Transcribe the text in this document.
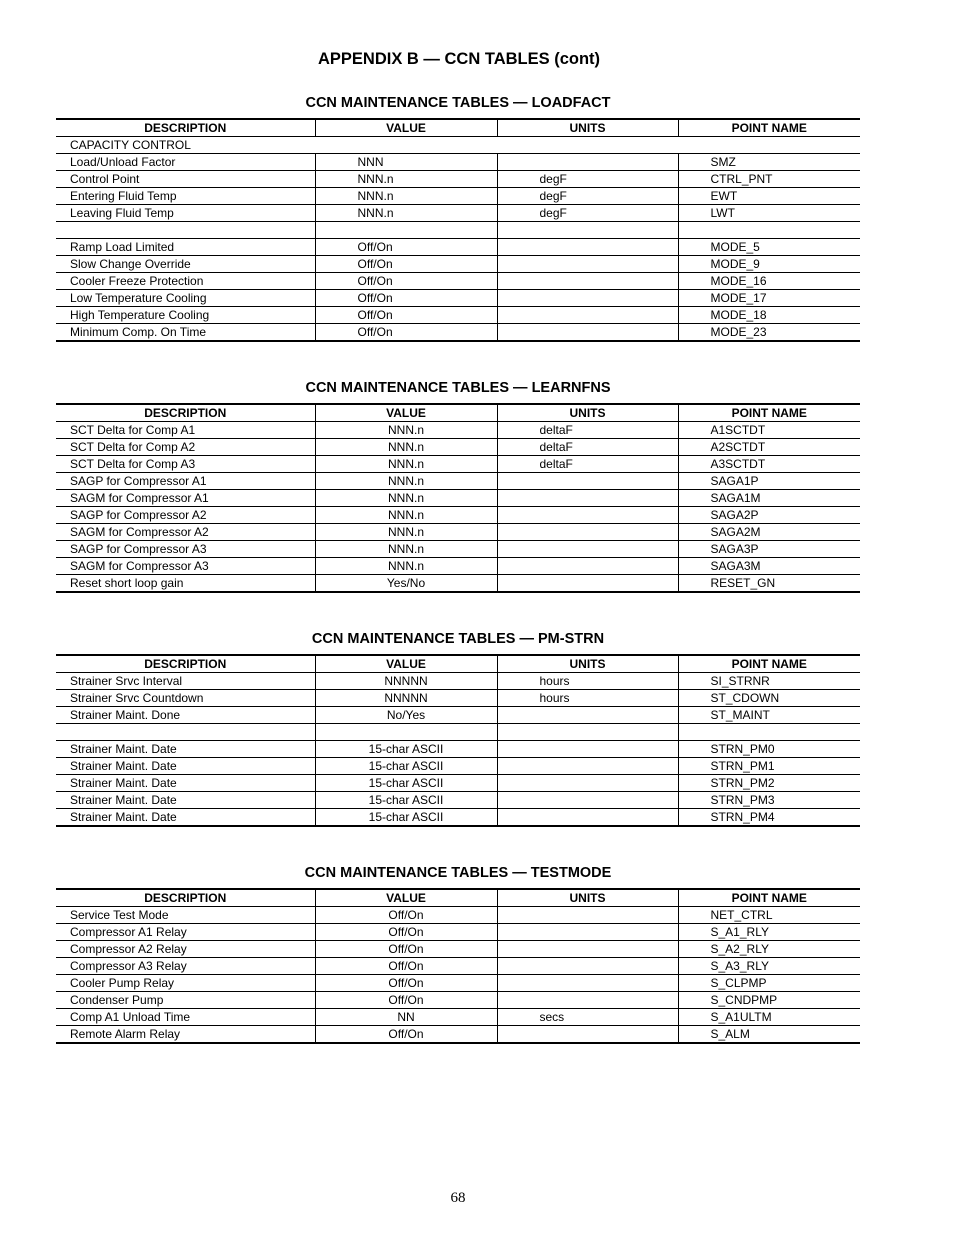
APPENDIX B — CCN TABLES (cont)
CCN MAINTENANCE TABLES — LOADFACT
DESCRIPTION	VALUE	UNITS	POINT NAME
CAPACITY CONTROL			
Load/Unload Factor	NNN		SMZ
Control Point	NNN.n	degF	CTRL_PNT
Entering Fluid Temp	NNN.n	degF	EWT
Leaving Fluid Temp	NNN.n	degF	LWT

Ramp Load Limited	Off/On		MODE_5
Slow Change Override	Off/On		MODE_9
Cooler Freeze Protection	Off/On		MODE_16
Low Temperature Cooling	Off/On		MODE_17
High Temperature Cooling	Off/On		MODE_18
Minimum Comp. On Time	Off/On		MODE_23
CCN MAINTENANCE TABLES — LEARNFNS
DESCRIPTION	VALUE	UNITS	POINT NAME
SCT Delta for Comp A1	NNN.n	deltaF	A1SCTDT
SCT Delta for Comp A2	NNN.n	deltaF	A2SCTDT
SCT Delta for Comp A3	NNN.n	deltaF	A3SCTDT
SAGP for Compressor A1	NNN.n		SAGA1P
SAGM for Compressor A1	NNN.n		SAGA1M
SAGP for Compressor A2	NNN.n		SAGA2P
SAGM for Compressor A2	NNN.n		SAGA2M
SAGP for Compressor A3	NNN.n		SAGA3P
SAGM for Compressor A3	NNN.n		SAGA3M
Reset short loop gain	Yes/No		RESET_GN
CCN MAINTENANCE TABLES — PM-STRN
DESCRIPTION	VALUE	UNITS	POINT NAME
Strainer Srvc Interval	NNNNN	hours	SI_STRNR
Strainer Srvc Countdown	NNNNN	hours	ST_CDOWN
Strainer Maint. Done	No/Yes		ST_MAINT

Strainer Maint. Date	15-char ASCII		STRN_PM0
Strainer Maint. Date	15-char ASCII		STRN_PM1
Strainer Maint. Date	15-char ASCII		STRN_PM2
Strainer Maint. Date	15-char ASCII		STRN_PM3
Strainer Maint. Date	15-char ASCII		STRN_PM4
CCN MAINTENANCE TABLES — TESTMODE
DESCRIPTION	VALUE	UNITS	POINT NAME
Service Test Mode	Off/On		NET_CTRL
Compressor A1 Relay	Off/On		S_A1_RLY
Compressor A2 Relay	Off/On		S_A2_RLY
Compressor A3 Relay	Off/On		S_A3_RLY
Cooler Pump Relay	Off/On		S_CLPMP
Condenser Pump	Off/On		S_CNDPMP
Comp A1 Unload Time	NN	secs	S_A1ULTM
Remote Alarm Relay	Off/On		S_ALM
68
